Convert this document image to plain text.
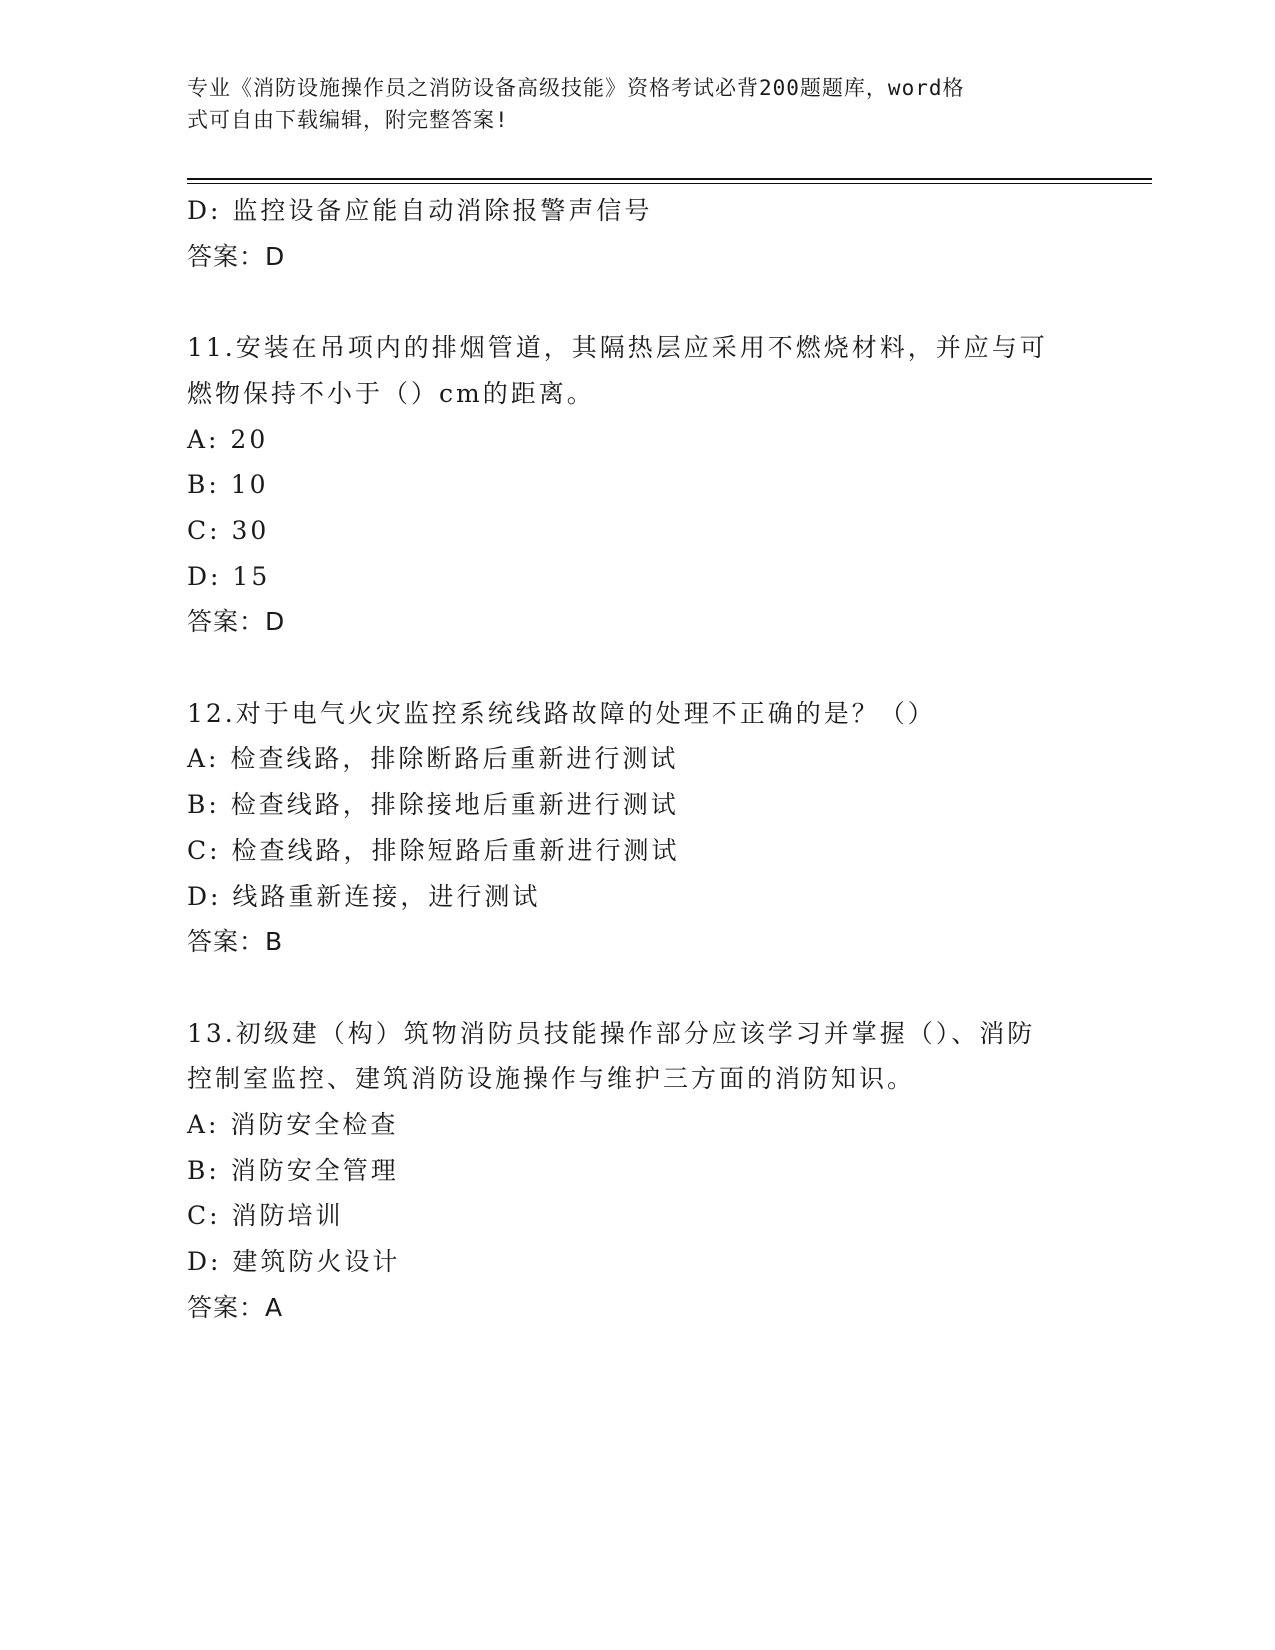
专业《消防设施操作员之消防设备高级技能》资格考试必背200题题库，word格
式可自由下载编辑，附完整答案!
D: 监控设备应能自动消除报警声信号
答案：D
11.安装在吊项内的排烟管道，其隔热层应采用不燃烧材料，并应与可
燃物保持不小于（）cm的距离。
A: 20
B: 10
C: 30
D: 15
答案：D
12.对于电气火灾监控系统线路故障的处理不正确的是？（）
A: 检查线路，排除断路后重新进行测试
B: 检查线路，排除接地后重新进行测试
C: 检查线路，排除短路后重新进行测试
D: 线路重新连接，进行测试
答案：B
13.初级建（构）筑物消防员技能操作部分应该学习并掌握（）、消防
控制室监控、建筑消防设施操作与维护三方面的消防知识。
A: 消防安全检查
B: 消防安全管理
C: 消防培训
D: 建筑防火设计
答案：A
